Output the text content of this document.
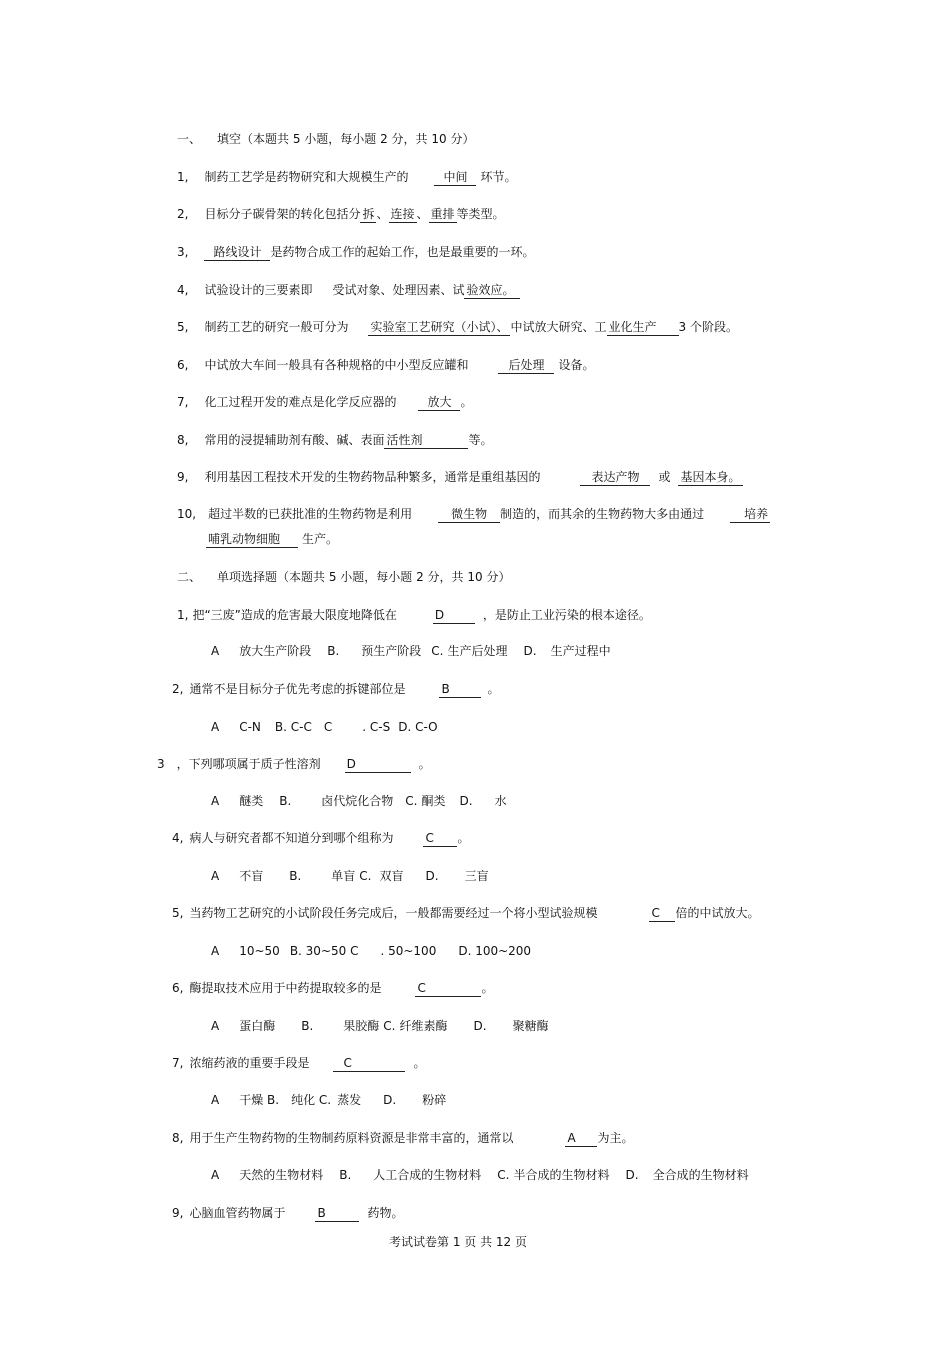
一、 填空（本题共 5 小题，每小题 2 分，共 10 分）
1, 制药工艺学是药物研究和大规模生产的	中间 环节。
2, 目标分子碳骨架的转化包括分 拆 、 连接 、 重排 等类型。
3, 路线设计 是药物合成工作的起始工作，也是最重要的一环。
4, 试验设计的三要素即 受试对象、处理因素、试 验效应。
5, 制药工艺的研究一般可分为 实验室工艺研究（小试）、 中试放大研究、工 业化生产 3 个阶段。
6, 中试放大车间一般具有各种规格的中小型反应罐和	后处理 设备。
7, 化工过程开发的难点是化学反应器的	放大 。
8, 常用的浸提辅助剂有酸、碱、表面 活性剂	等。
9, 利用基因工程技术开发的生物药物品种繁多，通常是重组基因的	表达产物 或 基因本身。
10, 超过半数的已获批准的生物药物是利用	微生物 制造的，而其余的生物药物大多由通过	培养
哺乳动物细胞 生产。
二、 单项选择题（本题共 5 小题，每小题 2 分，共 10 分）
1, 把“三废”造成的危害最大限度地降低在	D	，是防止工业污染的根本途径。
A 放大生产阶段 B. 预生产阶段 C. 生产后处理 D. 生产过程中
2, 通常不是目标分子优先考虑的拆键部位是	B	。
A C-N B. C-C C	. C-S D. C-O
3 ，下列哪项属于质子性溶剂 D	。
A 醚类 B.	卤代烷化合物 C. 酮类 D. 水
4, 病人与研究者都不知道分到哪个组称为	C 。
A 不盲 B.	单盲 C. 双盲 D. 三盲
5, 当药物工艺研究的小试阶段任务完成后，一般都需要经过一个将小型试验规模	C 倍的中试放大。
A 10~50 B. 30~50 C . 50~100 D. 100~200
6, 酶提取技术应用于中药提取较多的是	C	。
A 蛋白酶 B.	果胶酶 C. 纤维素酶 D. 聚糖酶
7, 浓缩药液的重要手段是	C	。
A 干燥 B. 纯化 C. 蒸发 D. 粉碎
8, 用于生产生物药物的生物制药原料资源是非常丰富的，通常以	A 为主。
A 天然的生物材料 B. 人工合成的生物材料 C. 半合成的生物材料 D. 全合成的生物材料
9, 心脑血管药物属于	B	药物。
考试试卷第 1 页 共 12 页
